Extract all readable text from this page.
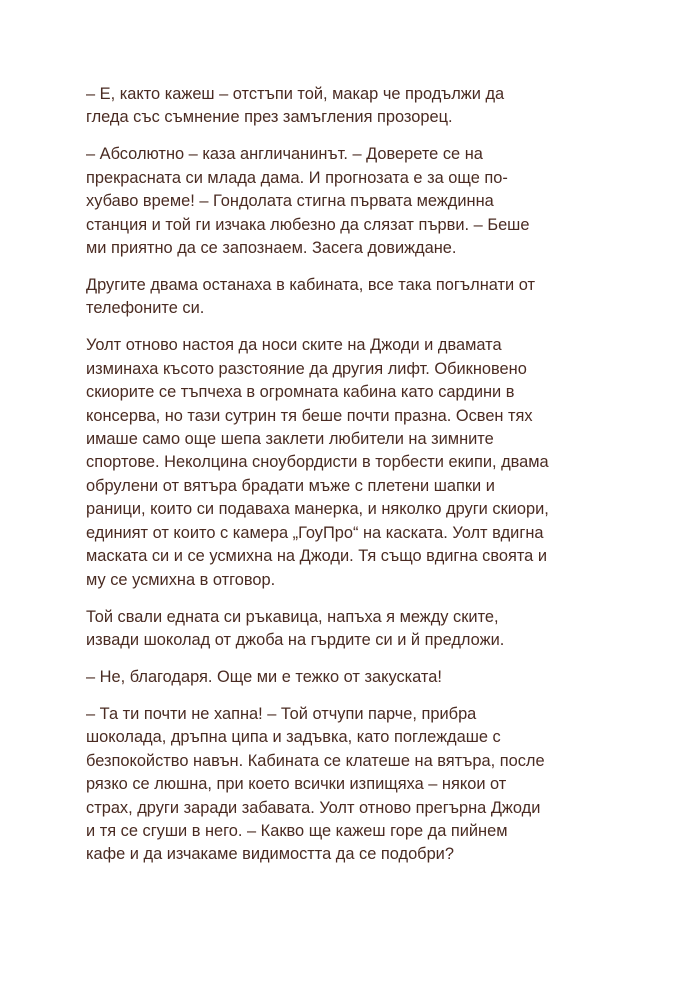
– Е, както кажеш – отстъпи той, макар че продължи да
гледа със съмнение през замъгления прозорец.

– Абсолютно – каза англичанинът. – Доверете се на
прекрасната си млада дама. И прогнозата е за още по-
хубаво време! – Гондолата стигна първата междинна
станция и той ги изчака любезно да слязат първи. – Беше
ми приятно да се запознаем. Засега довиждане.

Другите двама останаха в кабината, все така погълнати от
телефоните си.

Уолт отново настоя да носи ските на Джоди и двамата
изминаха късото разстояние да другия лифт. Обикновено
скиорите се тъпчеха в огромната кабина като сардини в
консерва, но тази сутрин тя беше почти празна. Освен тях
имаше само още шепа заклети любители на зимните
спортове. Неколцина сноубордисти в торбести екипи, двама
обрулени от вятъра брадати мъже с плетени шапки и
раници, които си подаваха манерка, и няколко други скиори,
единият от които с камера „ГоуПро“ на каската. Уолт вдигна
маската си и се усмихна на Джоди. Тя също вдигна своята и
му се усмихна в отговор.

Той свали едната си ръкавица, напъха я между ските,
извади шоколад от джоба на гърдите си и й предложи.

– Не, благодаря. Още ми е тежко от закуската!

– Та ти почти не хапна! – Той отчупи парче, прибра
шоколада, дръпна ципа и задъвка, като поглеждаше с
безпокойство навън. Кабината се клатеше на вятъра, после
рязко се люшна, при което всички изпищяха – някои от
страх, други заради забавата. Уолт отново прегърна Джоди
и тя се сгуши в него. – Какво ще кажеш горе да пийнем
кафе и да изчакаме видимостта да се подобри?
